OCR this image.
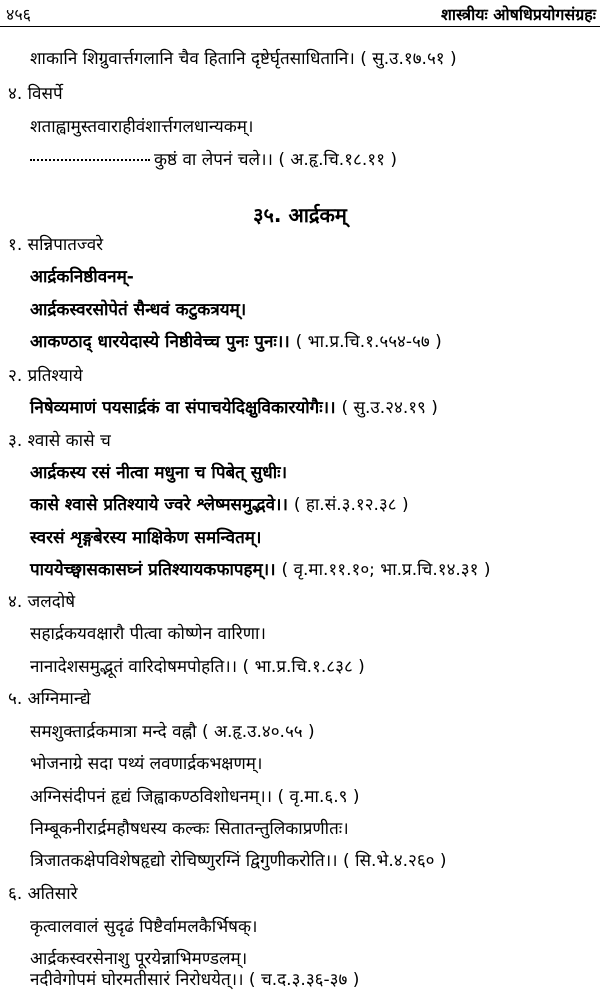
४५६	शास्त्रीयः ओषधिप्रयोगसंग्रहः
शाकानि शिग्रुवार्त्तगलानि चैव हितानि दृष्टेर्घृतसाधितानि। ( सु.उ.१७.५१ )
४. विसर्पे
शताह्वामुस्तवाराहीवंशार्त्तगलधान्यकम्।
कुष्ठं वा लेपनं चले।। ( अ.हृ.चि.१८.११ )
३५. आर्द्रकम्
१. सन्निपातज्वरे
आर्द्रकनिष्ठीवनम्-
आर्द्रकस्वरसोपेतं सैन्धवं कटुकत्रयम्।
आकण्ठाद् धारयेदास्ये निष्ठीवेच्च पुनः पुनः।। ( भा.प्र.चि.१.५५४-५७ )
२. प्रतिश्याये
निषेव्यमाणं पयसार्द्रकं वा संपाचयेदिक्षुविकारयोगैः।। ( सु.उ.२४.१९ )
३. श्वासे कासे च
आर्द्रकस्य रसं नीत्वा मधुना च पिबेत् सुधीः।
कासे श्वासे प्रतिश्याये ज्वरे श्लेष्मसमुद्भवे।। ( हा.सं.३.१२.३८ )
स्वरसं शृङ्गबेरस्य माक्षिकेण समन्वितम्।
पाययेच्छ्वासकासघ्नं प्रतिश्यायकफापहम्।। ( वृ.मा.११.१०; भा.प्र.चि.१४.३१ )
४. जलदोषे
सहार्द्रकयवक्षारौ पीत्वा कोष्णेन वारिणा।
नानादेशसमुद्भूतं वारिदोषमपोहति।। ( भा.प्र.चि.१.८३८ )
५. अग्निमान्द्ये
समशुक्तार्द्रकमात्रा मन्दे वह्नौ ( अ.हृ.उ.४०.५५ )
भोजनाग्रे सदा पथ्यं लवणार्द्रकभक्षणम्।
अग्निसंदीपनं हृद्यं जिह्वाकण्ठविशोधनम्।। ( वृ.मा.६.९ )
निम्बूकनीरार्द्रमहौषधस्य कल्कः सितातन्तुलिकाप्रणीतः।
त्रिजातकक्षेपविशेषहृद्यो रोचिष्णुरग्निं द्विगुणीकरोति।। ( सि.भे.४.२६० )
६. अतिसारे
कृत्वालवालं सुदृढं पिष्टैर्वामलकैर्भिषक्।
आर्द्रकस्वरसेनाशु पूरयेन्नाभिमण्डलम्।
नदीवेगोपमं घोरमतीसारं निरोधयेत्।। ( च.द.३.३६-३७ )
